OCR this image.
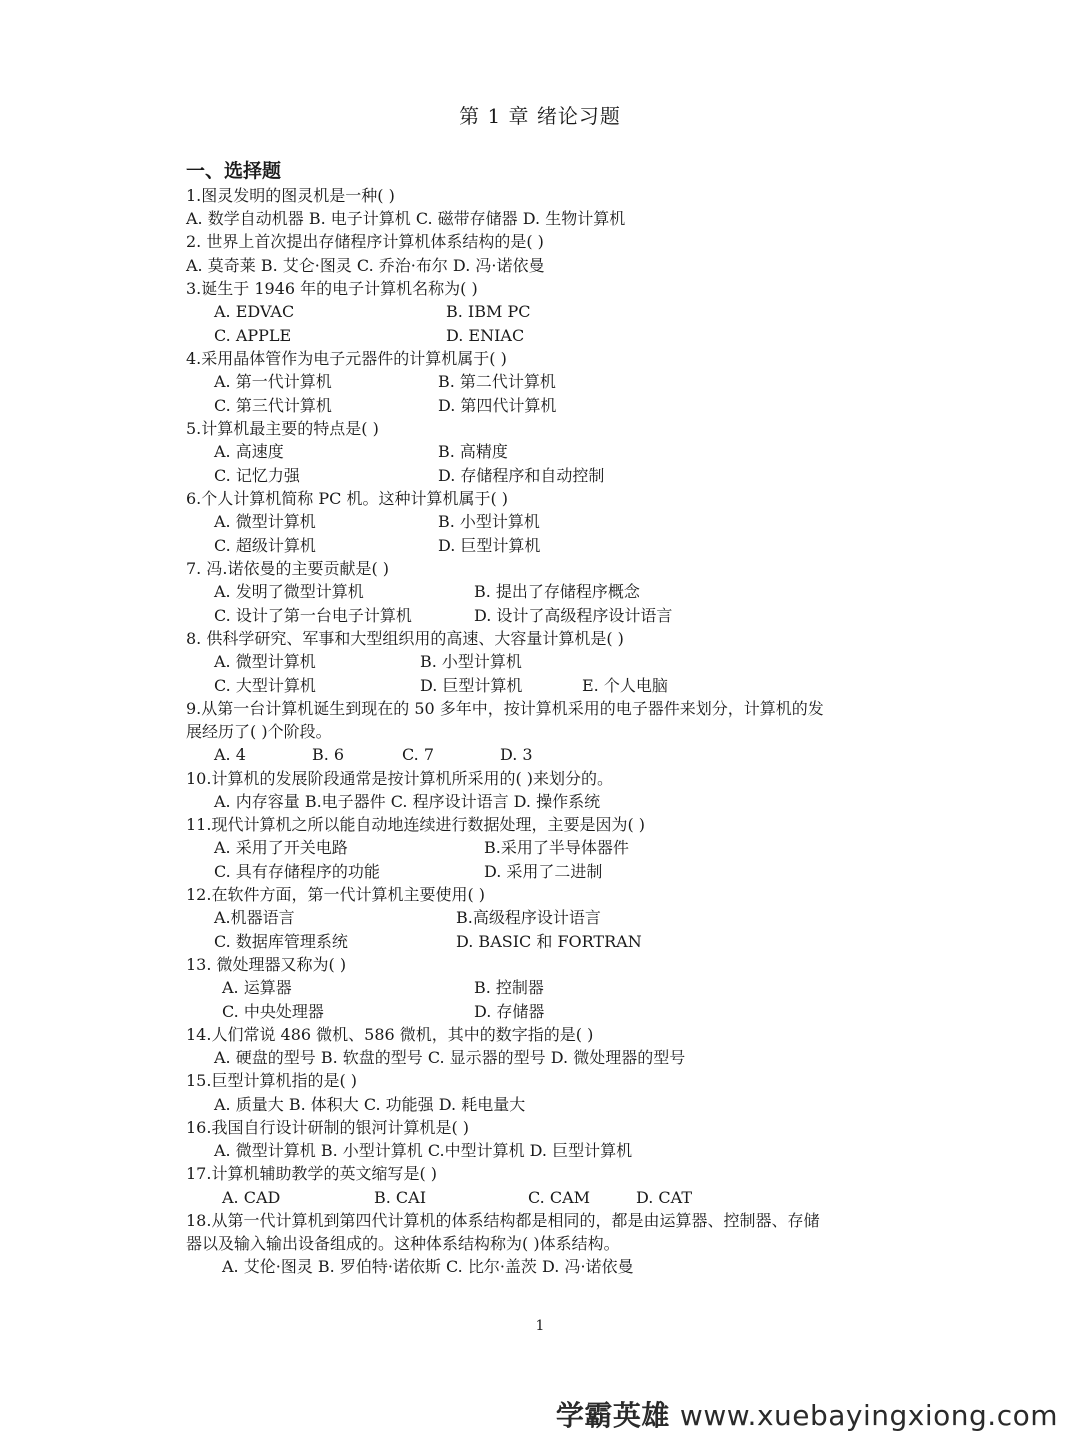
第 1 章 绪论习题
一、选择题
1.图灵发明的图灵机是一种( )
A. 数学自动机器 B. 电子计算机 C. 磁带存储器 D. 生物计算机
2. 世界上首次提出存储程序计算机体系结构的是( )
A. 莫奇莱 B. 艾仑·图灵 C. 乔治·布尔 D. 冯·诺依曼
3.诞生于 1946 年的电子计算机名称为( )
A. EDVAC	B. IBM PC
C. APPLE	D. ENIAC
4.采用晶体管作为电子元器件的计算机属于( )
A. 第一代计算机	B. 第二代计算机
C. 第三代计算机	D. 第四代计算机
5.计算机最主要的特点是( )
A. 高速度	B. 高精度
C. 记忆力强	D. 存储程序和自动控制
6.个人计算机简称 PC 机。这种计算机属于( )
A. 微型计算机	B. 小型计算机
C. 超级计算机	D. 巨型计算机
7. 冯.诺依曼的主要贡献是( )
A. 发明了微型计算机	B. 提出了存储程序概念
C. 设计了第一台电子计算机	D. 设计了高级程序设计语言
8. 供科学研究、军事和大型组织用的高速、大容量计算机是( )
A. 微型计算机	B. 小型计算机
C. 大型计算机	D. 巨型计算机	E. 个人电脑
9.从第一台计算机诞生到现在的 50 多年中，按计算机采用的电子器件来划分，计算机的发
展经历了( )个阶段。
A. 4	B. 6	C. 7	D. 3
10.计算机的发展阶段通常是按计算机所采用的( )来划分的。
A. 内存容量 B.电子器件 C. 程序设计语言 D. 操作系统
11.现代计算机之所以能自动地连续进行数据处理，主要是因为( )
A. 采用了开关电路	B.采用了半导体器件
C. 具有存储程序的功能	D. 采用了二进制
12.在软件方面，第一代计算机主要使用( )
A.机器语言	B.高级程序设计语言
C. 数据库管理系统	D. BASIC 和 FORTRAN
13. 微处理器又称为( )
A. 运算器	B. 控制器
C. 中央处理器	D. 存储器
14.人们常说 486 微机、586 微机，其中的数字指的是( )
A. 硬盘的型号 B. 软盘的型号 C. 显示器的型号 D. 微处理器的型号
15.巨型计算机指的是( )
A. 质量大 B. 体积大 C. 功能强 D. 耗电量大
16.我国自行设计研制的银河计算机是( )
A. 微型计算机 B. 小型计算机 C.中型计算机 D. 巨型计算机
17.计算机辅助教学的英文缩写是( )
A. CAD	B. CAI	C. CAM	D. CAT
18.从第一代计算机到第四代计算机的体系结构都是相同的，都是由运算器、控制器、存储
器以及输入输出设备组成的。这种体系结构称为( )体系结构。
A. 艾伦·图灵 B. 罗伯特·诺依斯 C. 比尔·盖茨 D. 冯·诺依曼
1
学霸英雄 www.xuebayingxiong.com
